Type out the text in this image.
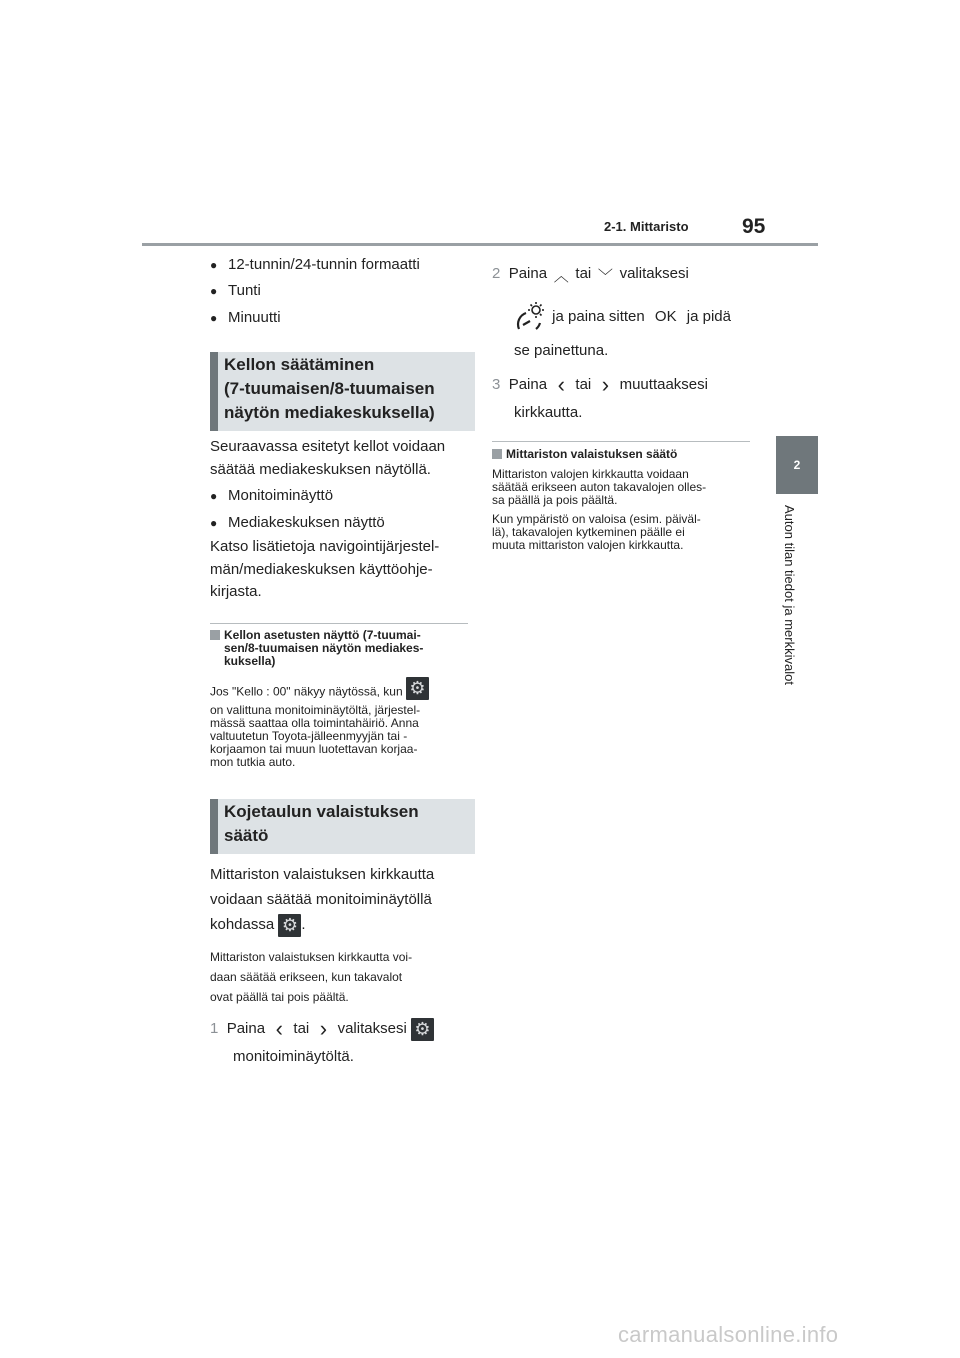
2-1. Mittaristo	95
2
Auton tilan tiedot ja merkkivalot
● 12-tunnin/24-tunnin formaatti
● Tunti
● Minuutti
Kellon säätäminen
(7-tuumaisen/8-tuumaisen
näytön mediakeskuksella)
Seuraavassa esitetyt kellot voidaan
säätää mediakeskuksen näytöllä.
● Monitoiminäyttö
● Mediakeskuksen näyttö
Katso lisätietoja navigointijärjestel-
män/mediakeskuksen käyttöohje-
kirjasta.
Kellon asetusten näyttö (7-tuumai-
sen/8-tuumaisen näytön mediakes-
kuksella)
Jos "Kello : 00" näkyy näytössä, kun ⚙
on valittuna monitoiminäytöltä, järjestel-
mässä saattaa olla toimintahäiriö. Anna
valtuutetun Toyota-jälleenmyyjän tai -
korjaamon tai muun luotettavan korjaa-
mon tutkia auto.
Kojetaulun valaistuksen
säätö
Mittariston valaistuksen kirkkautta
voidaan säätää monitoiminäytöllä
kohdassa ⚙ .
Mittariston valaistuksen kirkkautta voi-
daan säätää erikseen, kun takavalot
ovat päällä tai pois päältä.
1 Paina ‹ tai › valitaksesi ⚙
monitoiminäytöltä.
2 Paina ︿ tai ﹀ valitaksesi
ja paina sitten OK ja pidä
se painettuna.
3 Paina ‹ tai › muuttaaksesi
kirkkautta.
Mittariston valaistuksen säätö
Mittariston valojen kirkkautta voidaan
säätää erikseen auton takavalojen olles-
sa päällä ja pois päältä.
Kun ympäristö on valoisa (esim. päiväl-
lä), takavalojen kytkeminen päälle ei
muuta mittariston valojen kirkkautta.
carmanualsonline.info
